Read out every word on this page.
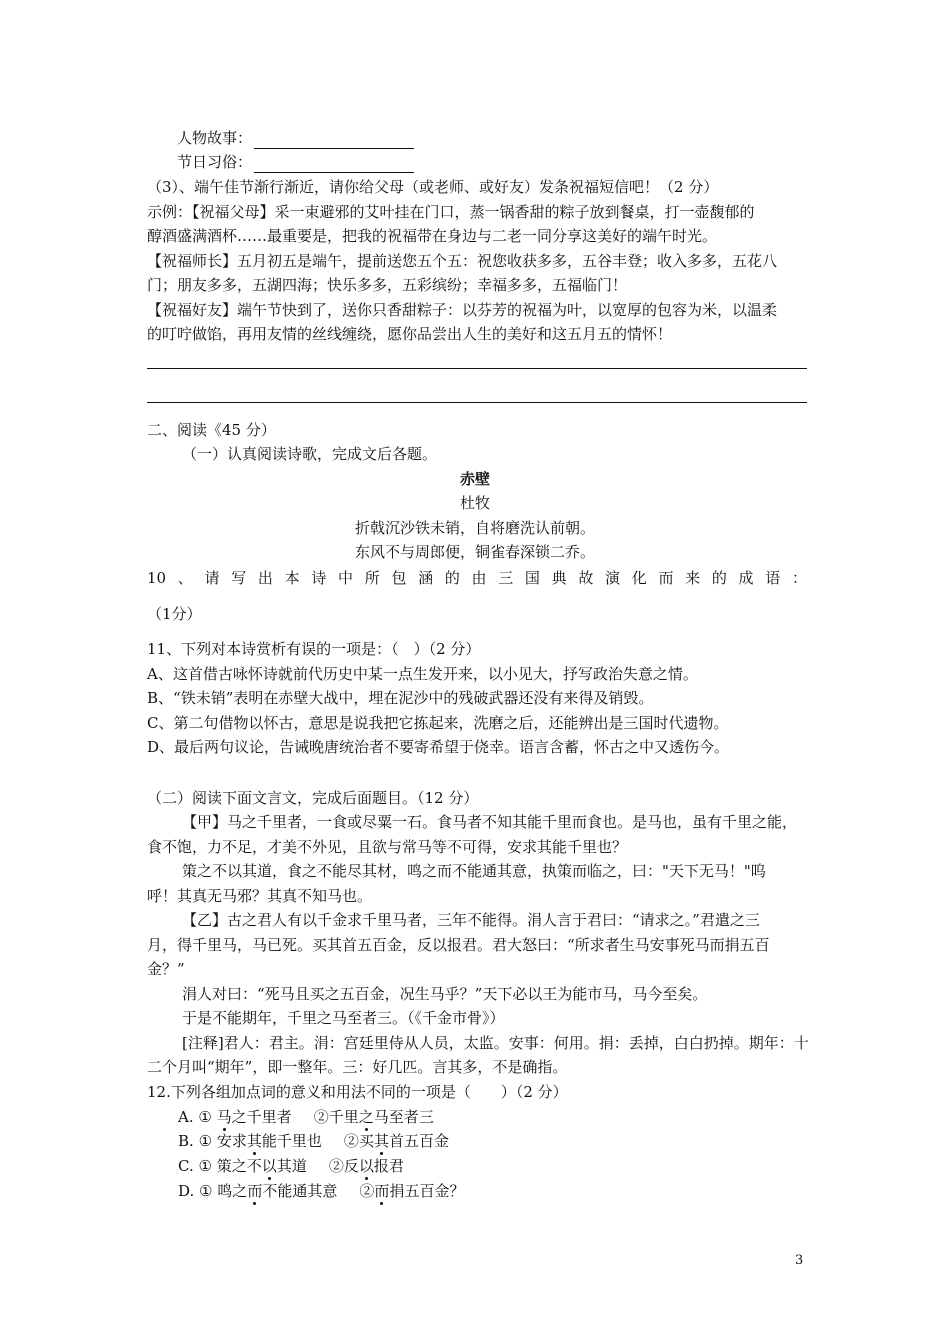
人物故事：
节日习俗：
（3）、端午佳节渐行渐近，请你给父母（或老师、或好友）发条祝福短信吧！（2 分）
示例：【祝福父母】采一束避邪的艾叶挂在门口，蒸一锅香甜的粽子放到餐桌，打一壶馥郁的
醇酒盛满酒杯……最重要是，把我的祝福带在身边与二老一同分享这美好的端午时光。
【祝福师长】五月初五是端午，提前送您五个五：祝您收获多多，五谷丰登；收入多多，五花八
门；朋友多多，五湖四海；快乐多多，五彩缤纷；幸福多多，五福临门！
【祝福好友】端午节快到了，送你只香甜粽子：以芬芳的祝福为叶，以宽厚的包容为米，以温柔
的叮咛做馅，再用友情的丝线缠绕，愿你品尝出人生的美好和这五月五的情怀！
二、阅读《45 分）
（一）认真阅读诗歌，完成文后各题。
赤壁
杜牧
折戟沉沙铁未销，自将磨洗认前朝。
东风不与周郎便，铜雀春深锁二乔。
10 、 请 写 出 本 诗 中 所 包 涵 的 由 三 国 典 故 演 化 而 来 的 成 语 ：
（1分）
11、下列对本诗赏析有误的一项是：（　）（2 分）
A、这首借古咏怀诗就前代历史中某一点生发开来，以小见大，抒写政治失意之情。
B、“铁未销”表明在赤壁大战中，埋在泥沙中的残破武器还没有来得及销毁。
C、第二句借物以怀古，意思是说我把它拣起来，洗磨之后，还能辨出是三国时代遗物。
D、最后两句议论，告诫晚唐统治者不要寄希望于侥幸。语言含蓄，怀古之中又透伤今。
（二）阅读下面文言文，完成后面题目。（12 分）
【甲】马之千里者，一食或尽粟一石。食马者不知其能千里而食也。是马也，虽有千里之能，
食不饱，力不足，才美不外见，且欲与常马等不可得，安求其能千里也？
策之不以其道，食之不能尽其材，鸣之而不能通其意，执策而临之，曰："天下无马！"呜
呼！其真无马邪？其真不知马也。
【乙】古之君人有以千金求千里马者，三年不能得。涓人言于君曰：“请求之。”君遣之三
月，得千里马，马已死。买其首五百金，反以报君。君大怒曰：“所求者生马安事死马而捐五百
金？”
涓人对曰：“死马且买之五百金，况生马乎？”天下必以王为能市马，马今至矣。
于是不能期年，千里之马至者三。（《千金市骨》）
[注释]君人：君主。涓：宫廷里侍从人员，太监。安事：何用。捐：丢掉，白白扔掉。期年：十
二个月叫“期年”，即一整年。三：好几匹。言其多，不是确指。
12.下列各组加点词的意义和用法不同的一项是（　　）（2 分）
A. ① 马之千里者 ②千里之马至者三
B. ① 安求其能千里也 ②买其首五百金
C. ① 策之不以其道 ②反以报君
D. ① 鸣之而不能通其意 ②而捐五百金？
3
